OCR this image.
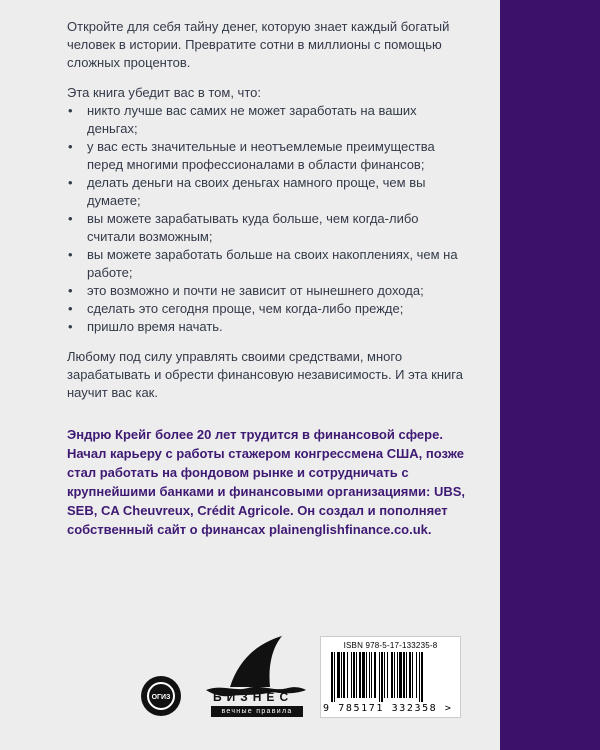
Откройте для себя тайну денег, которую знает каждый богатый человек в истории. Превратите сотни в миллионы с помощью сложных процентов.

Эта книга убедит вас в том, что:

• никто лучше вас самих не может заработать на ваших деньгах;
• у вас есть значительные и неотъемлемые преимущества перед многими профессионалами в области финансов;
• делать деньги на своих деньгах намного проще, чем вы думаете;
• вы можете зарабатывать куда больше, чем когда-либо считали возможным;
• вы можете заработать больше на своих накоплениях, чем на работе;
• это возможно и почти не зависит от нынешнего дохода;
• сделать это сегодня проще, чем когда-либо прежде;
• пришло время начать.

Любому под силу управлять своими средствами, много зарабатывать и обрести финансовую независимость. И эта книга научит вас как.

Эндрю Крейг более 20 лет трудится в финансовой сфере. Начал карьеру с работы стажером конгрессмена США, позже стал работать на фондовом рынке и сотрудничать с крупнейшими банками и финансовыми организациями: UBS, SEB, CA Cheuvreux, Crédit Agricole. Он создал и пополняет собственный сайт о финансах plainenglishfinance.co.uk.

ОГИЗ	БИЗНЕС
вечные правила
ISBN 978-5-17-133235-8
9 785171 332358 >
